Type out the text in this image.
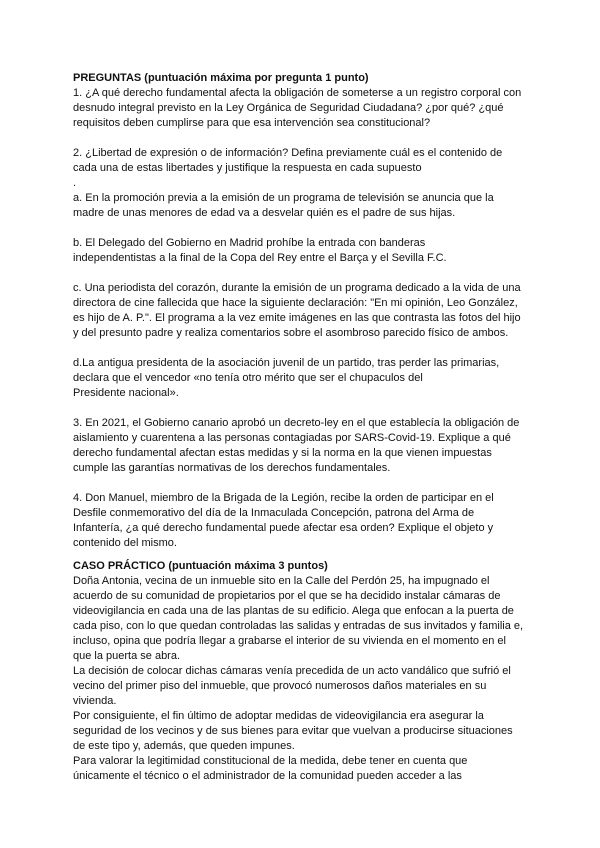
PREGUNTAS (puntuación máxima por pregunta 1 punto)
1. ¿A qué derecho fundamental afecta la obligación de someterse a un registro corporal con
desnudo integral previsto en la Ley Orgánica de Seguridad Ciudadana? ¿por qué? ¿qué
requisitos deben cumplirse para que esa intervención sea constitucional?
2. ¿Libertad de expresión o de información? Defina previamente cuál es el contenido de
cada una de estas libertades y justifique la respuesta en cada supuesto
.
a. En la promoción previa a la emisión de un programa de televisión se anuncia que la
madre de unas menores de edad va a desvelar quién es el padre de sus hijas.
b. El Delegado del Gobierno en Madrid prohíbe la entrada con banderas
independentistas a la final de la Copa del Rey entre el Barça y el Sevilla F.C.
c. Una periodista del corazón, durante la emisión de un programa dedicado a la vida de una
directora de cine fallecida que hace la siguiente declaración: "En mi opinión, Leo González,
es hijo de A. P.". El programa a la vez emite imágenes en las que contrasta las fotos del hijo
y del presunto padre y realiza comentarios sobre el asombroso parecido físico de ambos.
d.La antigua presidenta de la asociación juvenil de un partido, tras perder las primarias,
declara que el vencedor «no tenía otro mérito que ser el chupaculos del
Presidente nacional».
3. En 2021, el Gobierno canario aprobó un decreto-ley en el que establecía la obligación de
aislamiento y cuarentena a las personas contagiadas por SARS-Covid-19. Explique a qué
derecho fundamental afectan estas medidas y si la norma en la que vienen impuestas
cumple las garantías normativas de los derechos fundamentales.
4. Don Manuel, miembro de la Brigada de la Legión, recibe la orden de participar en el
Desfile conmemorativo del día de la Inmaculada Concepción, patrona del Arma de
Infantería, ¿a qué derecho fundamental puede afectar esa orden? Explique el objeto y
contenido del mismo.
CASO PRÁCTICO (puntuación máxima 3 puntos)
Doña Antonia, vecina de un inmueble sito en la Calle del Perdón 25, ha impugnado el
acuerdo de su comunidad de propietarios por el que se ha decidido instalar cámaras de
videovigilancia en cada una de las plantas de su edificio. Alega que enfocan a la puerta de
cada piso, con lo que quedan controladas las salidas y entradas de sus invitados y familia e,
incluso, opina que podría llegar a grabarse el interior de su vivienda en el momento en el
que la puerta se abra.
La decisión de colocar dichas cámaras venía precedida de un acto vandálico que sufrió el
vecino del primer piso del inmueble, que provocó numerosos daños materiales en su
vivienda.
Por consiguiente, el fin último de adoptar medidas de videovigilancia era asegurar la
seguridad de los vecinos y de sus bienes para evitar que vuelvan a producirse situaciones
de este tipo y, además, que queden impunes.
Para valorar la legitimidad constitucional de la medida, debe tener en cuenta que
únicamente el técnico o el administrador de la comunidad pueden acceder a las
